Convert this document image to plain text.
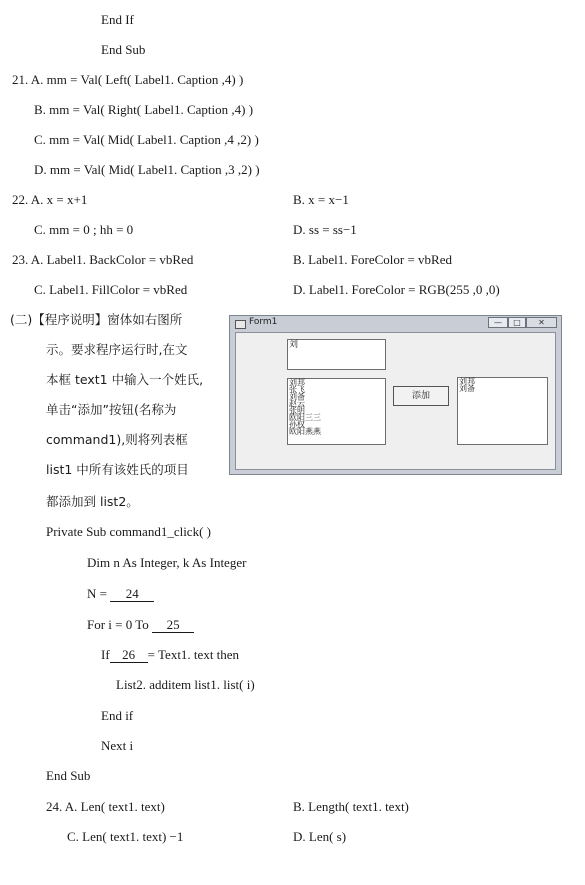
End If
End Sub
21. A. mm = Val( Left( Label1. Caption ,4) )
B. mm = Val( Right( Label1. Caption ,4) )
C. mm = Val( Mid( Label1. Caption ,4 ,2) )
D. mm = Val( Mid( Label1. Caption ,3 ,2) )
22. A. x = x+1	B. x = x−1
C. mm = 0 ; hh = 0	D. ss = ss−1
23. A. Label1. BackColor = vbRed	B. Label1. ForeColor = vbRed
C. Label1. FillColor = vbRed	D. Label1. ForeColor = RGB(255 ,0 ,0)
(二)【程序说明】窗体如右图所
示。要求程序运行时,在文
本框 text1 中输入一个姓氏,
单击“添加”按钮(名称为
command1),则将列表框
list1 中所有该姓氏的项目
都添加到 list2。
Form1	—	□	✕
刘
刘邦
张飞
刘备
赵云
张明
欧阳三三
孙权
欧阳燕燕
添加
刘邦
刘备
Private Sub command1_click( )
Dim n As Integer, k As Integer
N = 24
For i = 0 To 25
If 26 = Text1. text then
List2. additem list1. list( i)
End if
Next i
End Sub
24. A. Len( text1. text)	B. Length( text1. text)
C. Len( text1. text) −1	D. Len( s)
